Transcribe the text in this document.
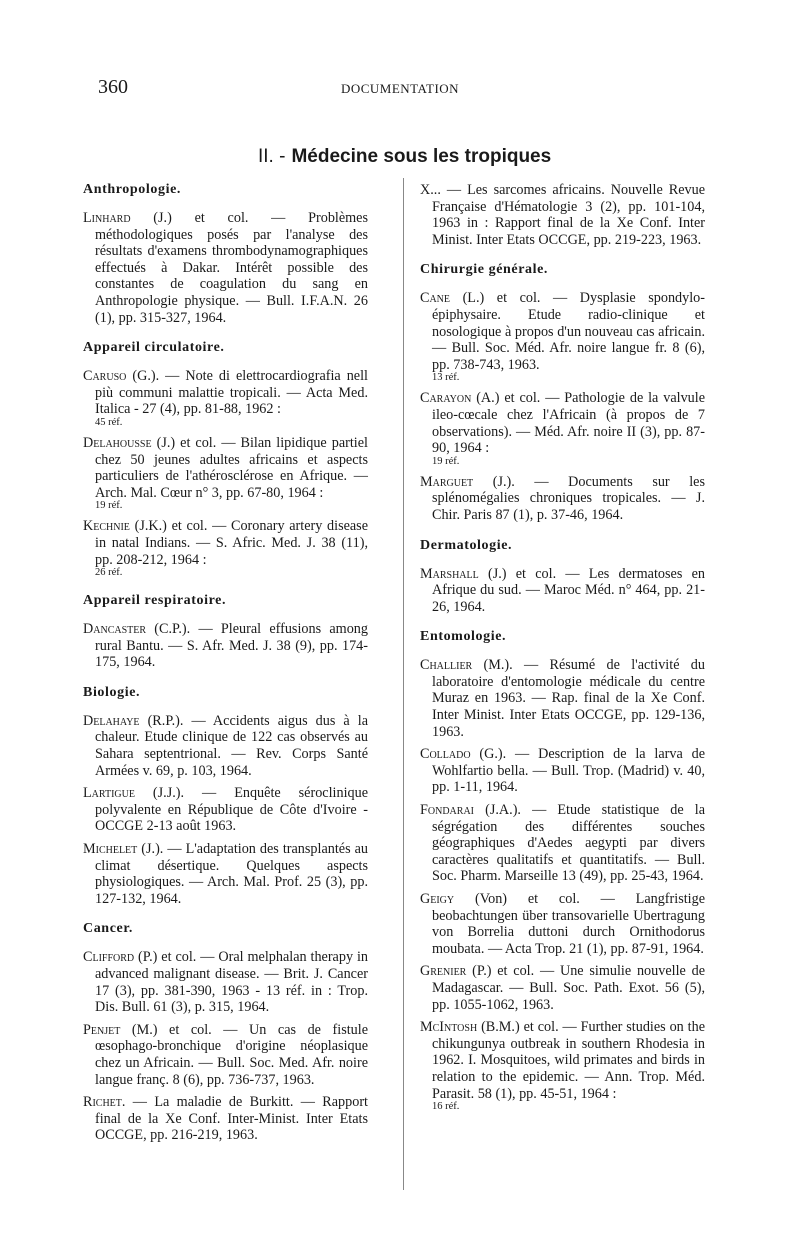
360	DOCUMENTATION
II. - Médecine sous les tropiques
Anthropologie.
Linhard (J.) et col. — Problèmes méthodologiques posés par l'analyse des résultats d'examens thrombodynamographiques effectués à Dakar. Intérêt possible des constantes de coagulation du sang en Anthropologie physique. — Bull. I.F.A.N. 26 (1), pp. 315-327, 1964.
Appareil circulatoire.
Caruso (G.). — Note di elettrocardiografia nell più communi malattie tropicali. — Acta Med. Italica - 27 (4), pp. 81-88, 1962 :
45 réf.
Delahousse (J.) et col. — Bilan lipidique partiel chez 50 jeunes adultes africains et aspects particuliers de l'athérosclérose en Afrique. — Arch. Mal. Cœur n° 3, pp. 67-80, 1964 :
19 réf.
Kechnie (J.K.) et col. — Coronary artery disease in natal Indians. — S. Afric. Med. J. 38 (11), pp. 208-212, 1964 :
26 réf.
Appareil respiratoire.
Dancaster (C.P.). — Pleural effusions among rural Bantu. — S. Afr. Med. J. 38 (9), pp. 174-175, 1964.
Biologie.
Delahaye (R.P.). — Accidents aigus dus à la chaleur. Etude clinique de 122 cas observés au Sahara septentrional. — Rev. Corps Santé Armées v. 69, p. 103, 1964.
Lartigue (J.J.). — Enquête séroclinique polyvalente en République de Côte d'Ivoire - OCCGE 2-13 août 1963.
Michelet (J.). — L'adaptation des transplantés au climat désertique. Quelques aspects physiologiques. — Arch. Mal. Prof. 25 (3), pp. 127-132, 1964.
Cancer.
Clifford (P.) et col. — Oral melphalan therapy in advanced malignant disease. — Brit. J. Cancer 17 (3), pp. 381-390, 1963 - 13 réf. in : Trop. Dis. Bull. 61 (3), p. 315, 1964.
Penjet (M.) et col. — Un cas de fistule œsophago-bronchique d'origine néoplasique chez un Africain. — Bull. Soc. Med. Afr. noire langue franç. 8 (6), pp. 736-737, 1963.
Richet. — La maladie de Burkitt. — Rapport final de la Xe Conf. Inter-Minist. Inter Etats OCCGE, pp. 216-219, 1963.
X... — Les sarcomes africains. Nouvelle Revue Française d'Hématologie 3 (2), pp. 101-104, 1963 in : Rapport final de la Xe Conf. Inter Minist. Inter Etats OCCGE, pp. 219-223, 1963.
Chirurgie générale.
Cane (L.) et col. — Dysplasie spondylo-épiphysaire. Etude radio-clinique et nosologique à propos d'un nouveau cas africain. — Bull. Soc. Méd. Afr. noire langue fr. 8 (6), pp. 738-743, 1963.
13 réf.
Carayon (A.) et col. — Pathologie de la valvule ileo-cœcale chez l'Africain (à propos de 7 observations). — Méd. Afr. noire II (3), pp. 87-90, 1964 :
19 réf.
Marguet (J.). — Documents sur les splénomégalies chroniques tropicales. — J. Chir. Paris 87 (1), p. 37-46, 1964.
Dermatologie.
Marshall (J.) et col. — Les dermatoses en Afrique du sud. — Maroc Méd. n° 464, pp. 21-26, 1964.
Entomologie.
Challier (M.). — Résumé de l'activité du laboratoire d'entomologie médicale du centre Muraz en 1963. — Rap. final de la Xe Conf. Inter Minist. Inter Etats OCCGE, pp. 129-136, 1963.
Collado (G.). — Description de la larva de Wohlfartio bella. — Bull. Trop. (Madrid) v. 40, pp. 1-11, 1964.
Fondarai (J.A.). — Etude statistique de la ségrégation des différentes souches géographiques d'Aedes aegypti par divers caractères qualitatifs et quantitatifs. — Bull. Soc. Pharm. Marseille 13 (49), pp. 25-43, 1964.
Geigy (Von) et col. — Langfristige beobachtungen über transovarielle Ubertragung von Borrelia duttoni durch Ornithodorus moubata. — Acta Trop. 21 (1), pp. 87-91, 1964.
Grenier (P.) et col. — Une simulie nouvelle de Madagascar. — Bull. Soc. Path. Exot. 56 (5), pp. 1055-1062, 1963.
McIntosh (B.M.) et col. — Further studies on the chikungunya outbreak in southern Rhodesia in 1962. I. Mosquitoes, wild primates and birds in relation to the epidemic. — Ann. Trop. Méd. Parasit. 58 (1), pp. 45-51, 1964 :
16 réf.
